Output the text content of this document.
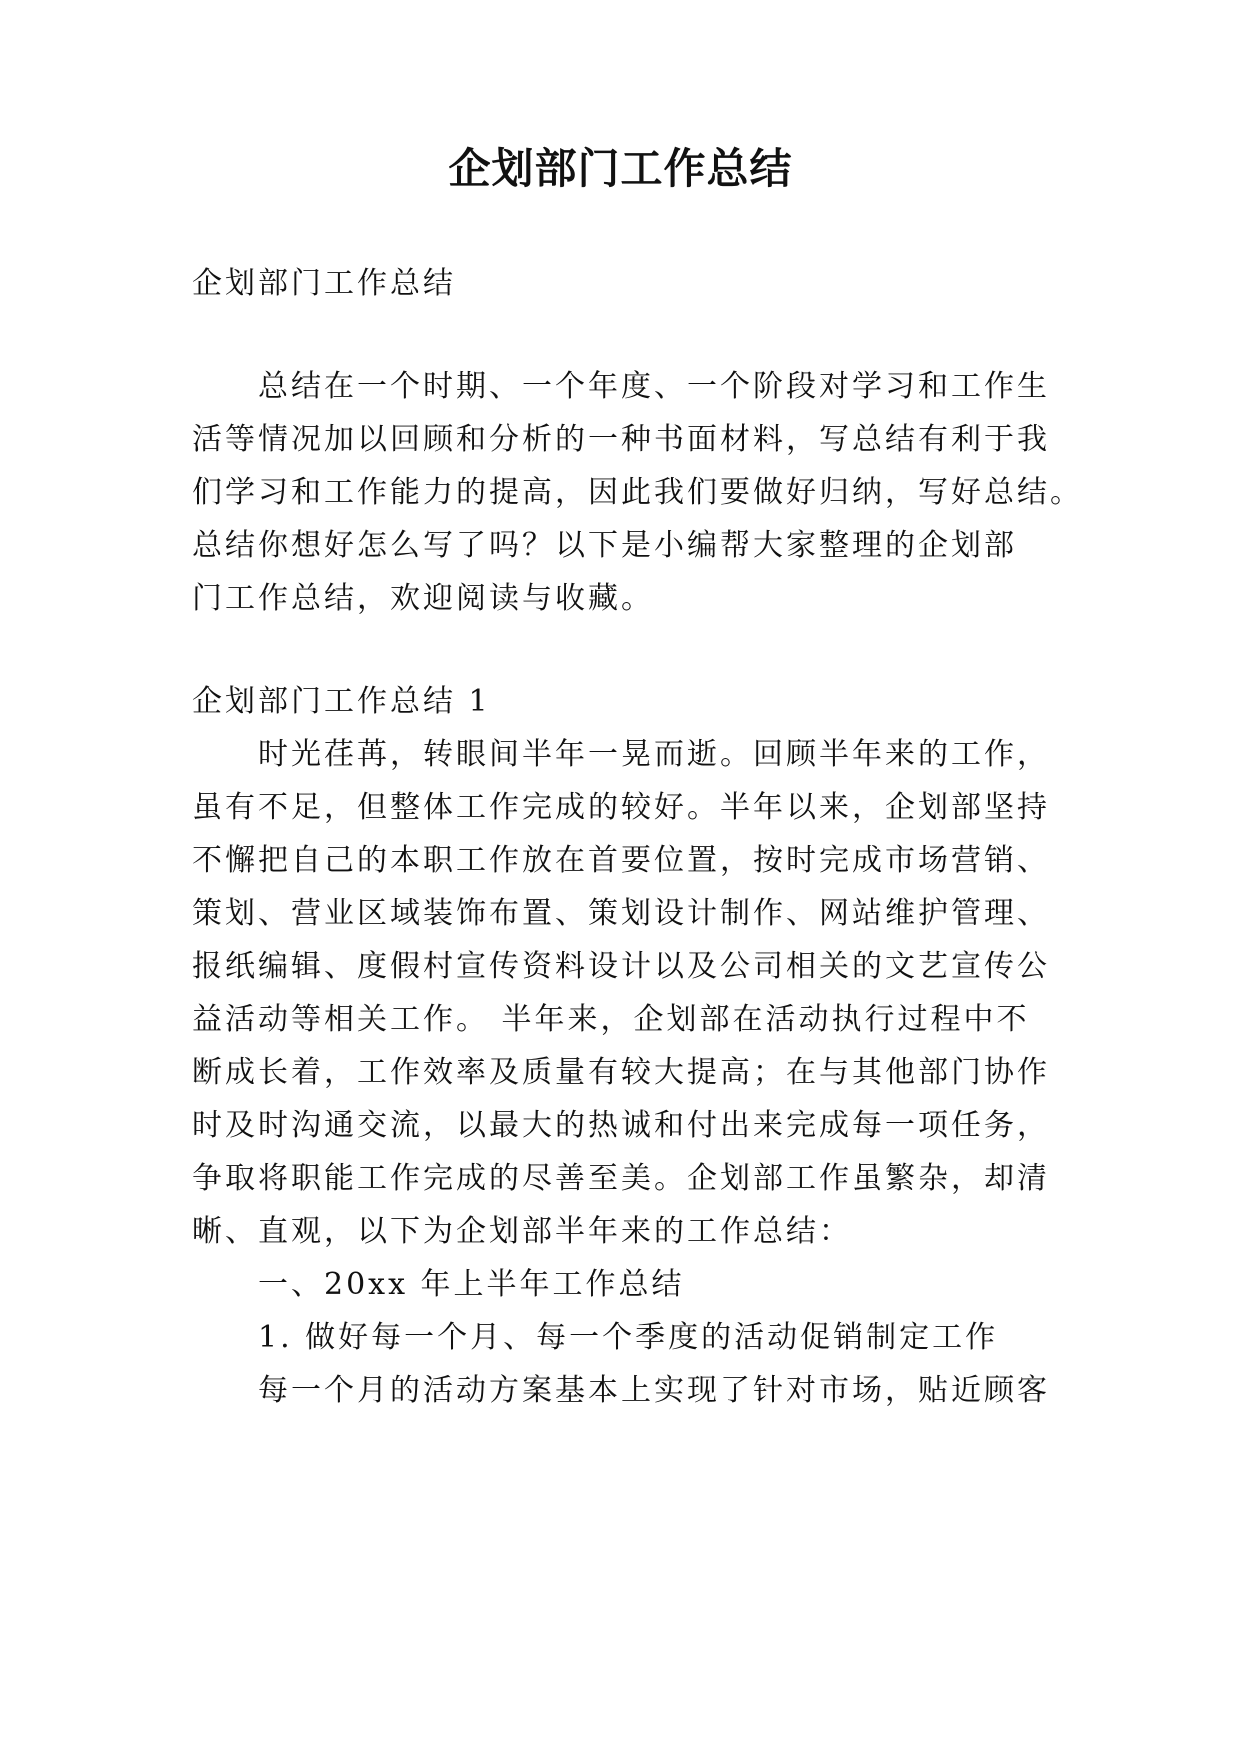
企划部门工作总结
企划部门工作总结
总结在一个时期、一个年度、一个阶段对学习和工作生
活等情况加以回顾和分析的一种书面材料，写总结有利于我
们学习和工作能力的提高，因此我们要做好归纳，写好总结。
总结你想好怎么写了吗？以下是小编帮大家整理的企划部
门工作总结，欢迎阅读与收藏。
企划部门工作总结 1
时光荏苒，转眼间半年一晃而逝。回顾半年来的工作，
虽有不足，但整体工作完成的较好。半年以来，企划部坚持
不懈把自己的本职工作放在首要位置，按时完成市场营销、
策划、营业区域装饰布置、策划设计制作、网站维护管理、
报纸编辑、度假村宣传资料设计以及公司相关的文艺宣传公
益活动等相关工作。 半年来，企划部在活动执行过程中不
断成长着，工作效率及质量有较大提高；在与其他部门协作
时及时沟通交流，以最大的热诚和付出来完成每一项任务，
争取将职能工作完成的尽善至美。企划部工作虽繁杂，却清
晰、直观，以下为企划部半年来的工作总结：
一、20xx 年上半年工作总结
1. 做好每一个月、每一个季度的活动促销制定工作
每一个月的活动方案基本上实现了针对市场，贴近顾客
